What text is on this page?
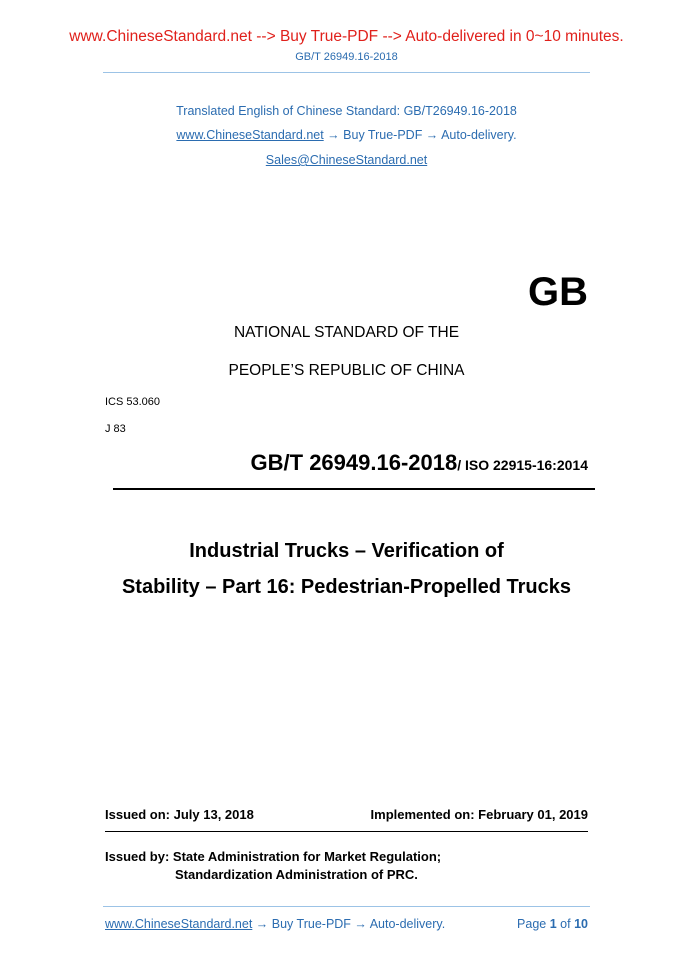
www.ChineseStandard.net --> Buy True-PDF --> Auto-delivered in 0~10 minutes.
GB/T 26949.16-2018
Translated English of Chinese Standard: GB/T26949.16-2018
www.ChineseStandard.net → Buy True-PDF → Auto-delivery.
Sales@ChineseStandard.net
GB
NATIONAL STANDARD OF THE
PEOPLE’S REPUBLIC OF CHINA
ICS 53.060
J 83
GB/T 26949.16-2018/ ISO 22915-16:2014
Industrial Trucks – Verification of
Stability – Part 16: Pedestrian-Propelled Trucks
Issued on: July 13, 2018	Implemented on: February 01, 2019
Issued by: State Administration for Market Regulation;
Standardization Administration of PRC.
www.ChineseStandard.net → Buy True-PDF → Auto-delivery.	Page 1 of 10
